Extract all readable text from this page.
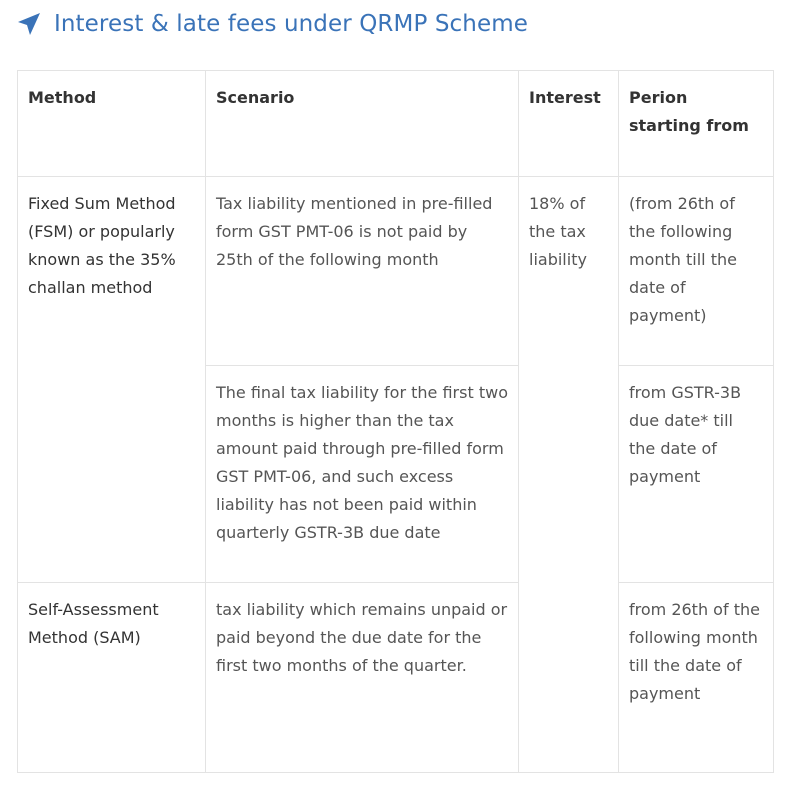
Interest & late fees under QRMP Scheme
Method	Scenario	Interest	Perion starting from
Fixed Sum Method (FSM) or popularly known as the 35% challan method	Tax liability mentioned in pre-filled form GST PMT-06 is not paid by 25th of the following month	18% of the tax liability	(from 26th of the following month till the date of payment)
	The final tax liability for the first two months is higher than the tax amount paid through pre-filled form GST PMT-06, and such excess liability has not been paid within quarterly GSTR-3B due date		from GSTR-3B due date* till the date of payment
Self-Assessment Method (SAM)	tax liability which remains unpaid or paid beyond the due date for the first two months of the quarter.		from 26th of the following month till the date of payment
